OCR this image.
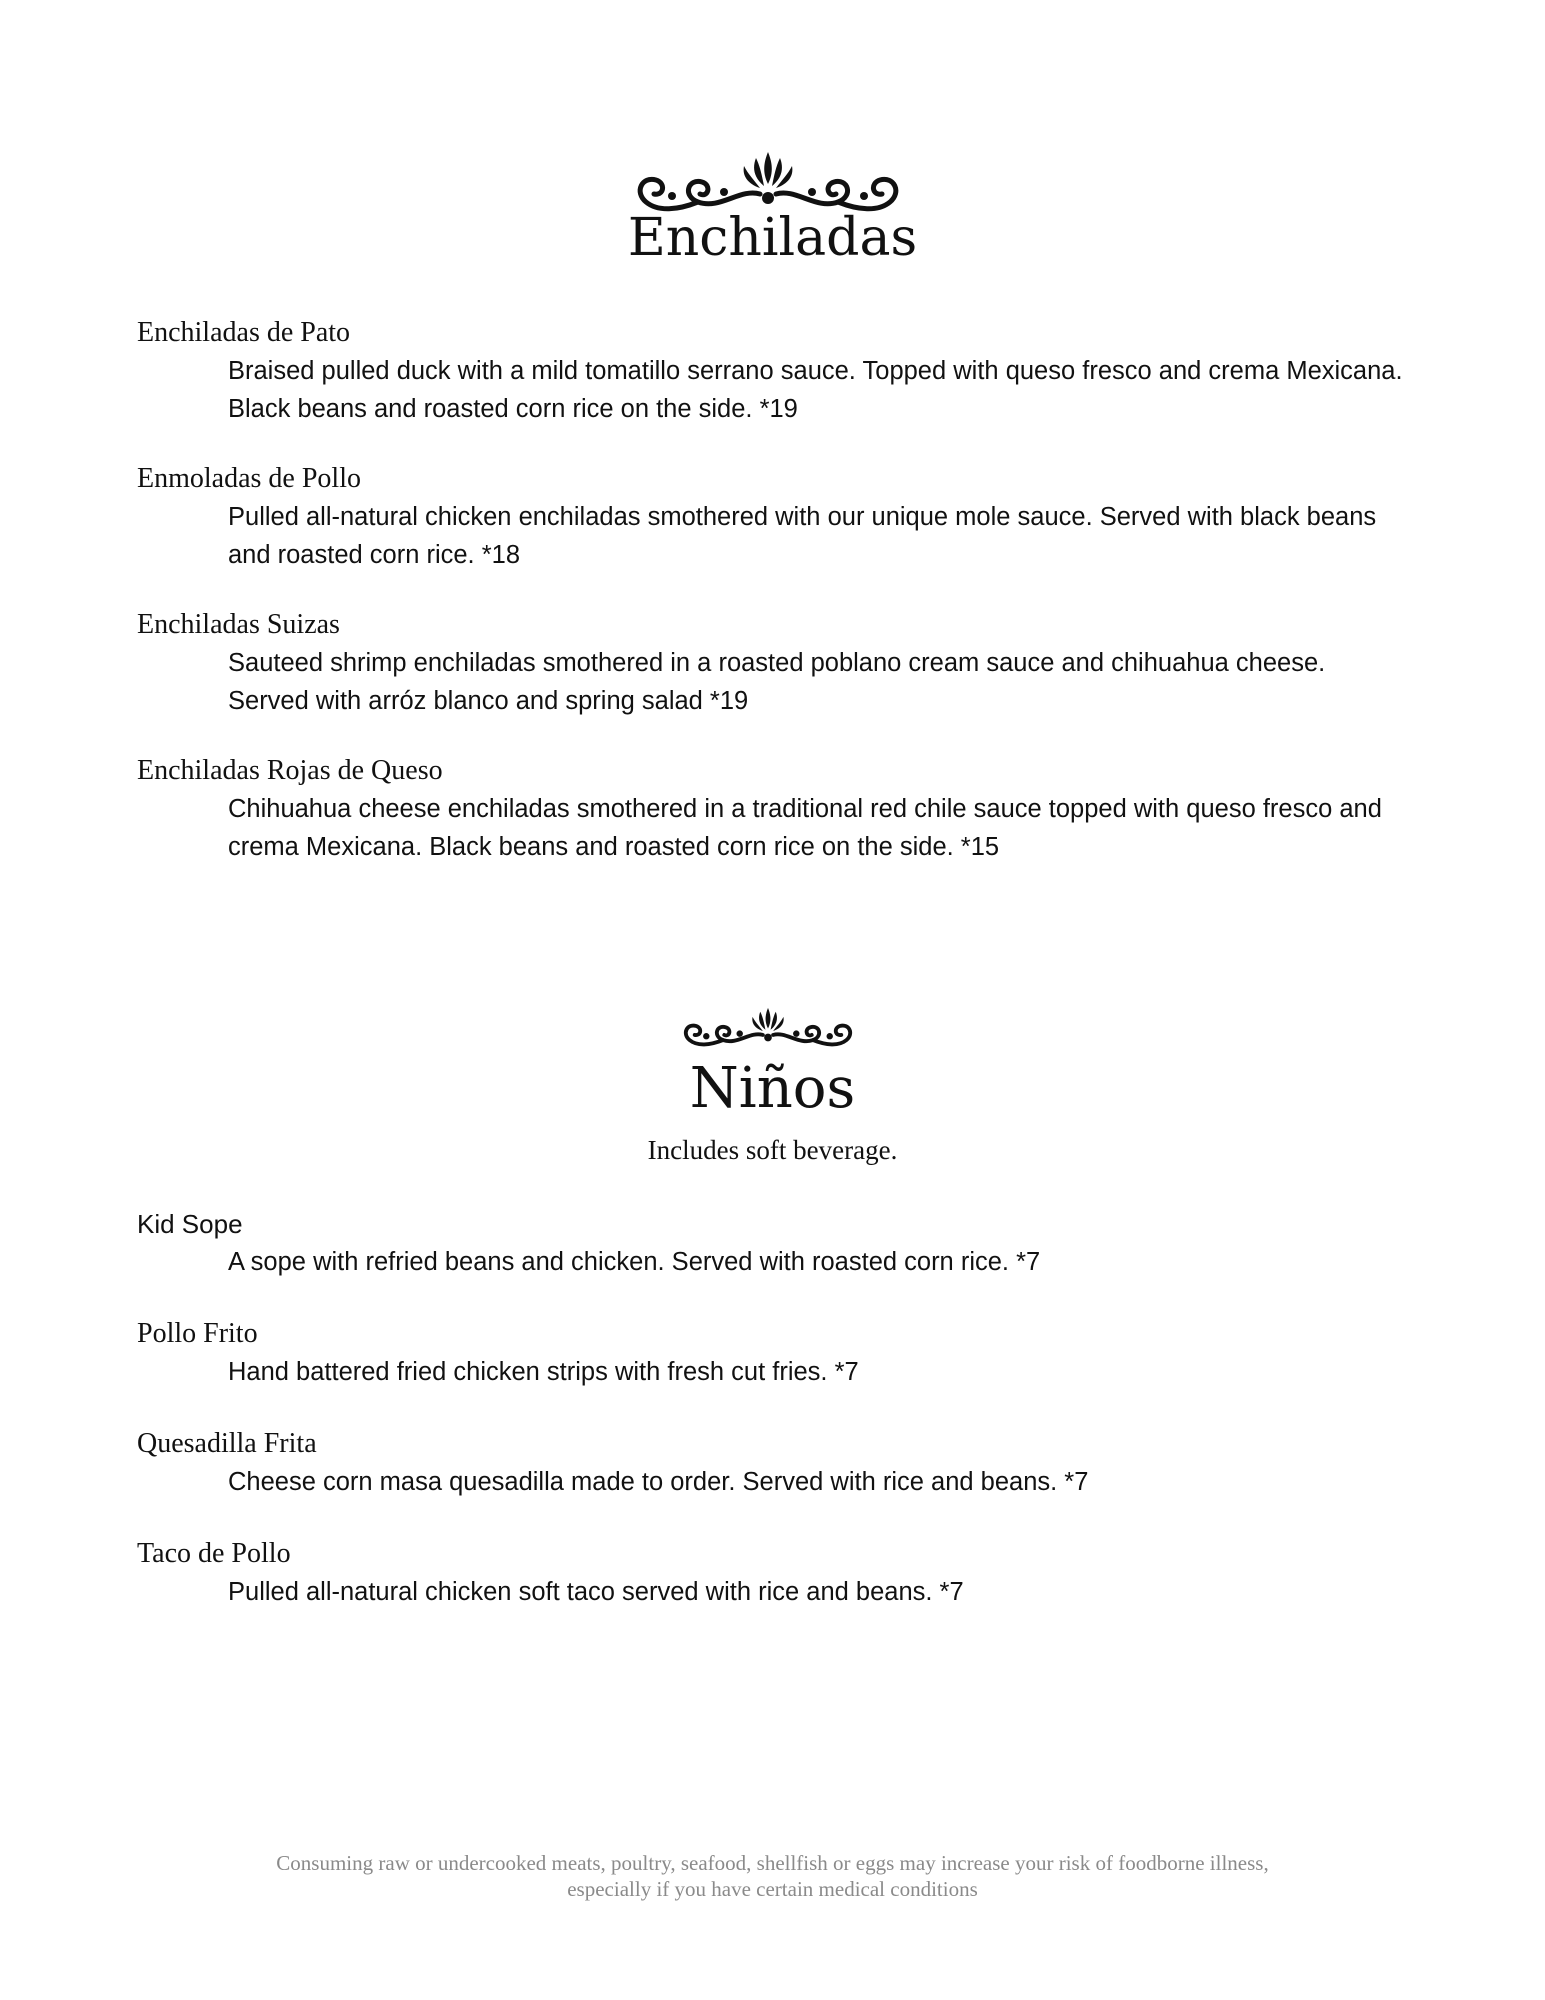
Enchiladas
Enchiladas de Pato
Braised pulled duck with a mild tomatillo serrano sauce. Topped with queso fresco and crema Mexicana. Black beans and roasted corn rice on the side. *19
Enmoladas de Pollo
Pulled all-natural chicken enchiladas smothered with our unique mole sauce. Served with black beans and roasted corn rice. *18
Enchiladas Suizas
Sauteed shrimp enchiladas smothered in a roasted poblano cream sauce and chihuahua cheese. Served with arróz blanco and spring salad *19
Enchiladas Rojas de Queso
Chihuahua cheese enchiladas smothered in a traditional red chile sauce topped with queso fresco and crema Mexicana. Black beans and roasted corn rice on the side. *15
Niños

Includes soft beverage.

Kid Sope
A sope with refried beans and chicken. Served with roasted corn rice. *7
Pollo Frito
Hand battered fried chicken strips with fresh cut fries. *7
Quesadilla Frita
Cheese corn masa quesadilla made to order. Served with rice and beans. *7
Taco de Pollo
Pulled all-natural chicken soft taco served with rice and beans. *7
Consuming raw or undercooked meats, poultry, seafood, shellfish or eggs may increase your risk of foodborne illness,
especially if you have certain medical conditions
